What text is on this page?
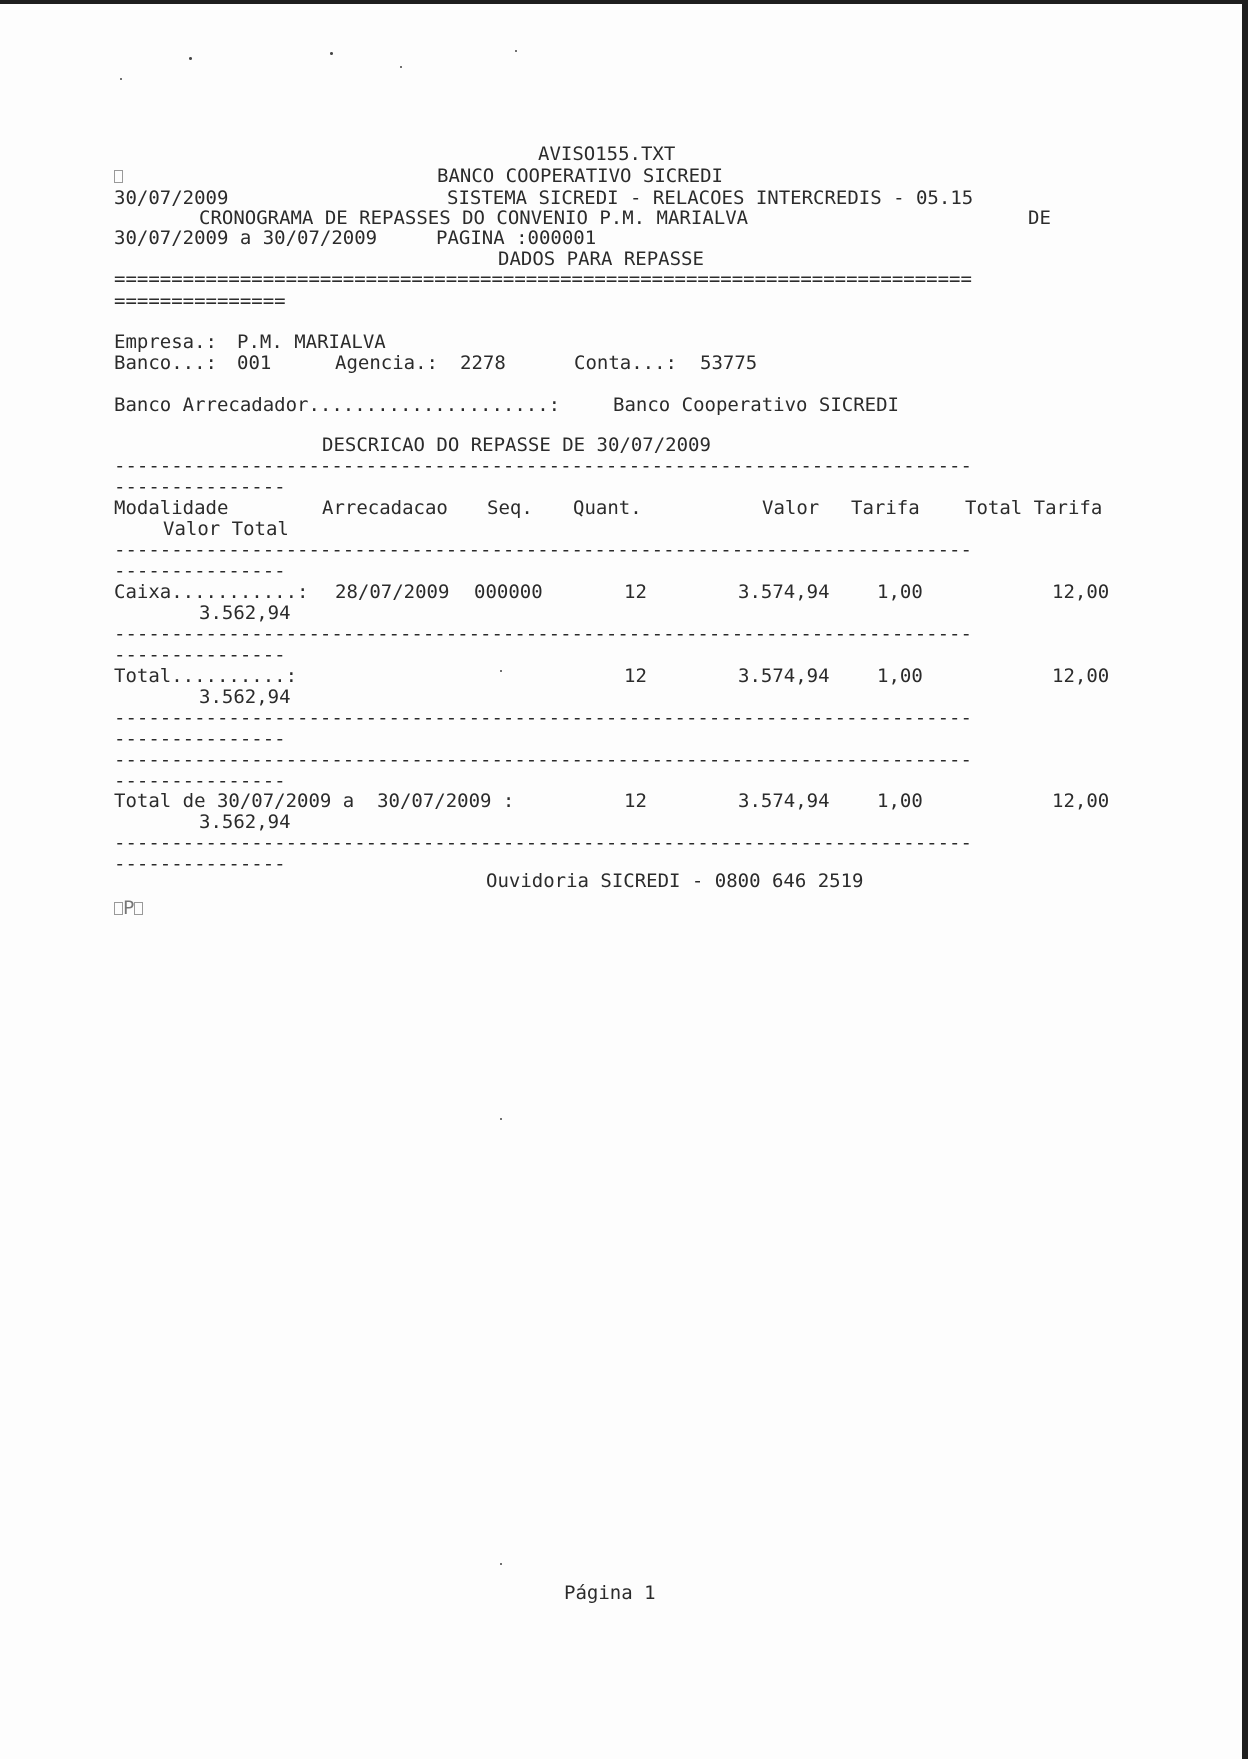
AVISO155.TXT
BANCO COOPERATIVO SICREDI
30/07/2009	SISTEMA SICREDI - RELACOES INTERCREDIS - 05.15
CRONOGRAMA DE REPASSES DO CONVENIO P.M. MARIALVA	DE
30/07/2009 a 30/07/2009	PAGINA :000001
DADOS PARA REPASSE
===========================================================================
===============
Empresa.: P.M. MARIALVA
Banco...: 001	Agencia.: 2278	Conta...: 53775
Banco Arrecadador.....................:	Banco Cooperativo SICREDI
DESCRICAO DO REPASSE DE 30/07/2009
---------------------------------------------------------------------------
---------------
Modalidade	Arrecadacao Seq. Quant.	Valor Tarifa Total Tarifa
Valor Total
---------------------------------------------------------------------------
---------------
Caixa...........: 28/07/2009 000000	12	3.574,94 1,00	12,00
3.562,94
---------------------------------------------------------------------------
---------------
Total..........:	12	3.574,94 1,00	12,00
3.562,94
---------------------------------------------------------------------------
---------------
---------------------------------------------------------------------------
---------------
Total de 30/07/2009 a  30/07/2009 :	12	3.574,94 1,00	12,00
3.562,94
---------------------------------------------------------------------------
---------------
Ouvidoria SICREDI - 0800 646 2519
P
Página 1
